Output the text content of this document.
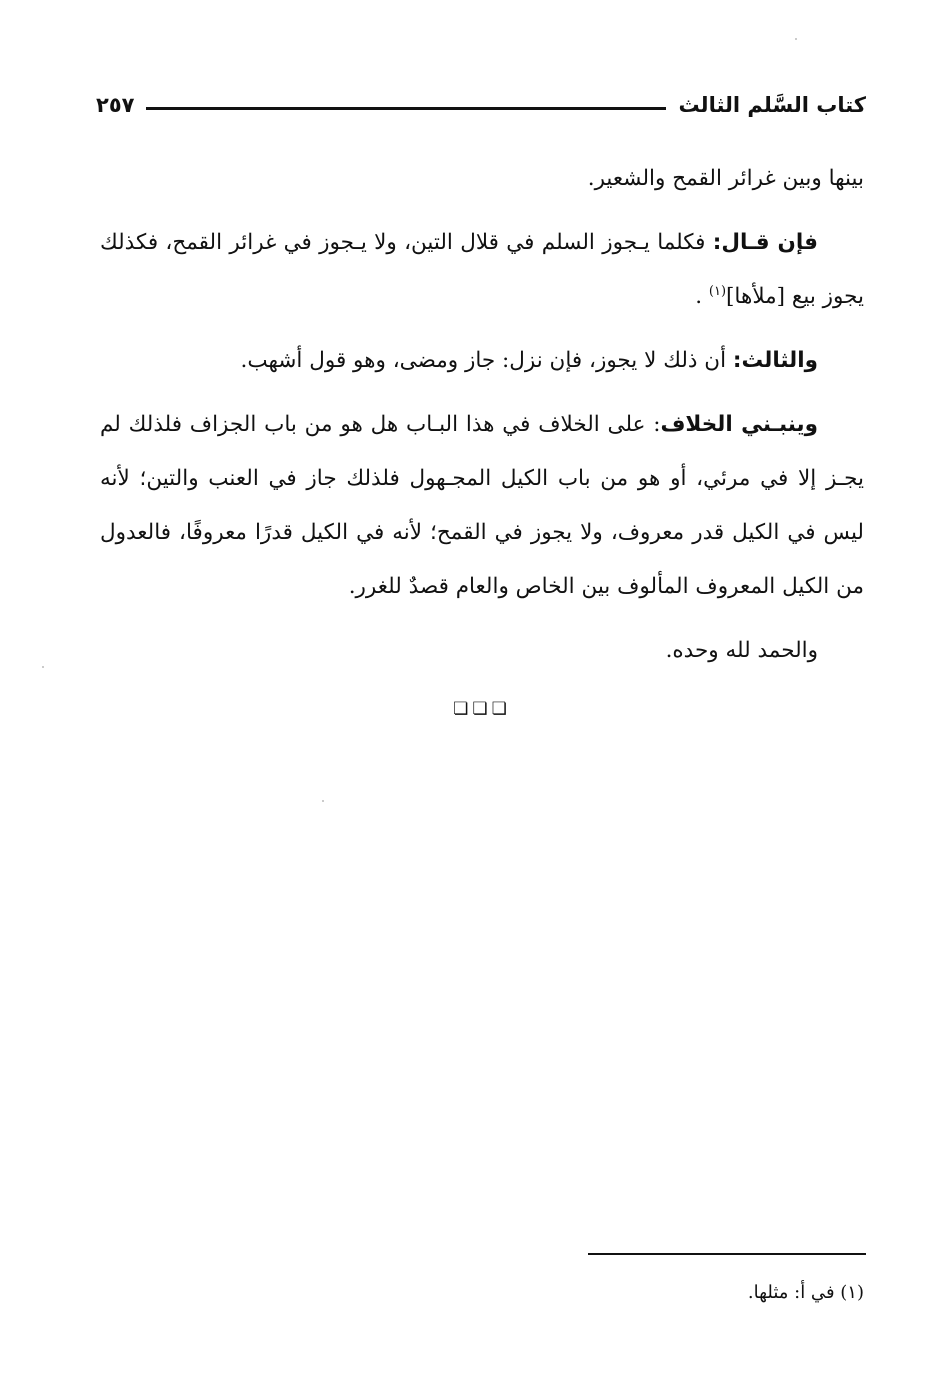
كتاب السَّلم الثالث
٢٥٧

بينها وبين غرائر القمح والشعير.

فإن قـال: فكلما يـجوز السلم في قلال التين، ولا يـجوز في غرائر القمح، فكذلك يجوز بيع [ملأها]$^{(١)}$ .

والثالث: أن ذلك لا يجوز، فإن نزل: جاز ومضى، وهو قول أشهب.

وينبـني الخلاف: على الخلاف في هذا البـاب هل هو من باب الجزاف فلذلك لم يجـز إلا في مرئي، أو هو من باب الكيل المجـهول فلذلك جاز في العنب والتين؛ لأنه ليس في الكيل قدر معروف، ولا يجوز في القمح؛ لأنه في الكيل قدرًا معروفًا، فالعدول من الكيل المعروف المألوف بين الخاص والعام قصدٌ للغرر.

والحمد لله وحده.

❏ ❏ ❏
(١) في أ: مثلها.
